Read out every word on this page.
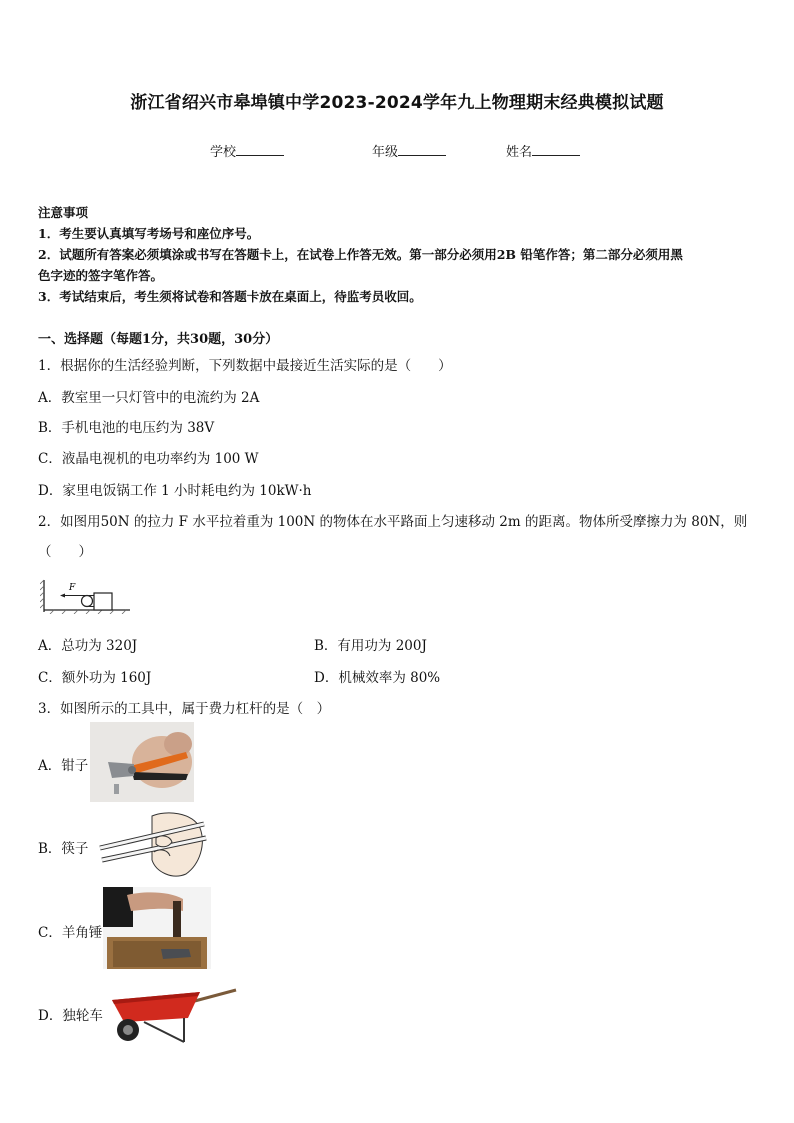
浙江省绍兴市皋埠镇中学2023-2024学年九上物理期末经典模拟试题
学校	年级	姓名
注意事项
1．考生要认真填写考场号和座位序号。
2．试题所有答案必须填涂或书写在答题卡上，在试卷上作答无效。第一部分必须用2B 铅笔作答；第二部分必须用黑
色字迹的签字笔作答。
3．考试结束后，考生须将试卷和答题卡放在桌面上，待监考员收回。
一、选择题（每题1分，共30题，30分）
1．根据你的生活经验判断，下列数据中最接近生活实际的是（　　）
A．教室里一只灯管中的电流约为 2A
B．手机电池的电压约为 38V
C．液晶电视机的电功率约为 100 W
D．家里电饭锅工作 1 小时耗电约为 10kW·h
2．如图用50N 的拉力 F 水平拉着重为 100N 的物体在水平路面上匀速移动 2m 的距离。物体所受摩擦力为 80N，则
（　　）
F
A．总功为 320J	B．有用功为 200J
C．额外功为 160J	D．机械效率为 80%
3．如图所示的工具中，属于费力杠杆的是（　）
A．钳子
B．筷子
C．羊角锤
D．独轮车
